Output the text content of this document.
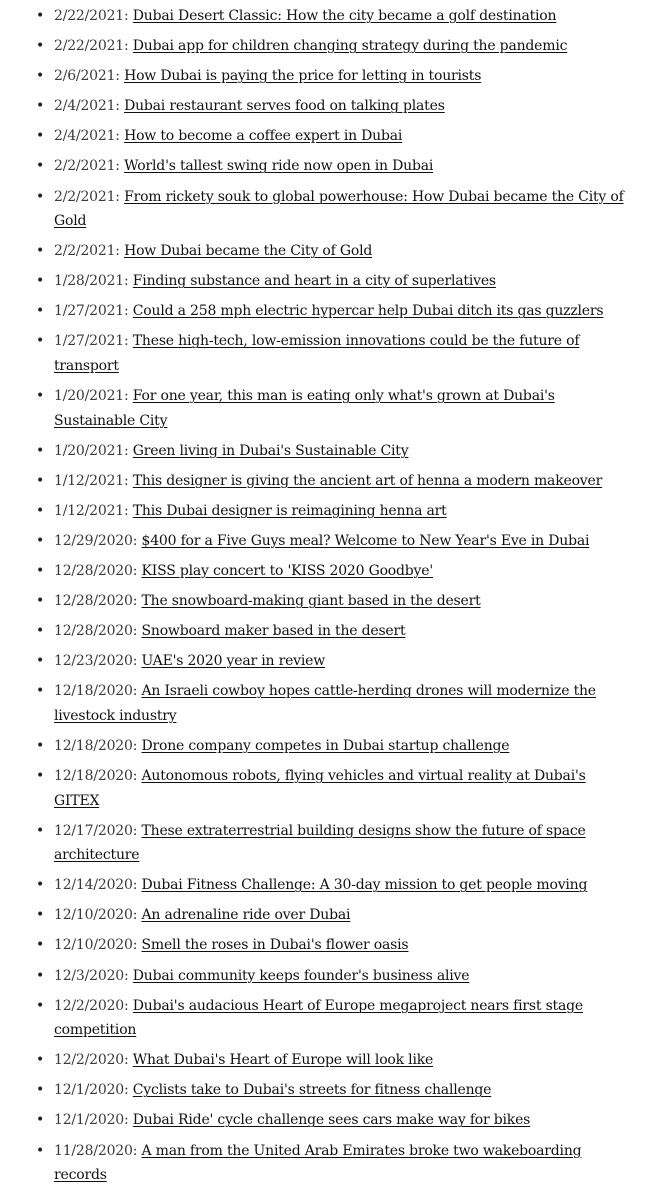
• 2/22/2021: Dubai Desert Classic: How the city became a golf destination
• 2/22/2021: Dubai app for children changing strategy during the pandemic
• 2/6/2021: How Dubai is paying the price for letting in tourists
• 2/4/2021: Dubai restaurant serves food on talking plates
• 2/4/2021: How to become a coffee expert in Dubai
• 2/2/2021: World's tallest swing ride now open in Dubai
• 2/2/2021: From rickety souk to global powerhouse: How Dubai became the City of Gold
• 2/2/2021: How Dubai became the City of Gold
• 1/28/2021: Finding substance and heart in a city of superlatives
• 1/27/2021: Could a 258 mph electric hypercar help Dubai ditch its gas guzzlers
• 1/27/2021: These high-tech, low-emission innovations could be the future of transport
• 1/20/2021: For one year, this man is eating only what's grown at Dubai's Sustainable City
• 1/20/2021: Green living in Dubai's Sustainable City
• 1/12/2021: This designer is giving the ancient art of henna a modern makeover
• 1/12/2021: This Dubai designer is reimagining henna art
• 12/29/2020: $400 for a Five Guys meal? Welcome to New Year's Eve in Dubai
• 12/28/2020: KISS play concert to 'KISS 2020 Goodbye'
• 12/28/2020: The snowboard-making giant based in the desert
• 12/28/2020: Snowboard maker based in the desert
• 12/23/2020: UAE's 2020 year in review
• 12/18/2020: An Israeli cowboy hopes cattle-herding drones will modernize the livestock industry
• 12/18/2020: Drone company competes in Dubai startup challenge
• 12/18/2020: Autonomous robots, flying vehicles and virtual reality at Dubai's GITEX
• 12/17/2020: These extraterrestrial building designs show the future of space architecture
• 12/14/2020: Dubai Fitness Challenge: A 30-day mission to get people moving
• 12/10/2020: An adrenaline ride over Dubai
• 12/10/2020: Smell the roses in Dubai's flower oasis
• 12/3/2020: Dubai community keeps founder's business alive
• 12/2/2020: Dubai's audacious Heart of Europe megaproject nears first stage competition
• 12/2/2020: What Dubai's Heart of Europe will look like
• 12/1/2020: Cyclists take to Dubai's streets for fitness challenge
• 12/1/2020: Dubai Ride' cycle challenge sees cars make way for bikes
• 11/28/2020: A man from the United Arab Emirates broke two wakeboarding records
